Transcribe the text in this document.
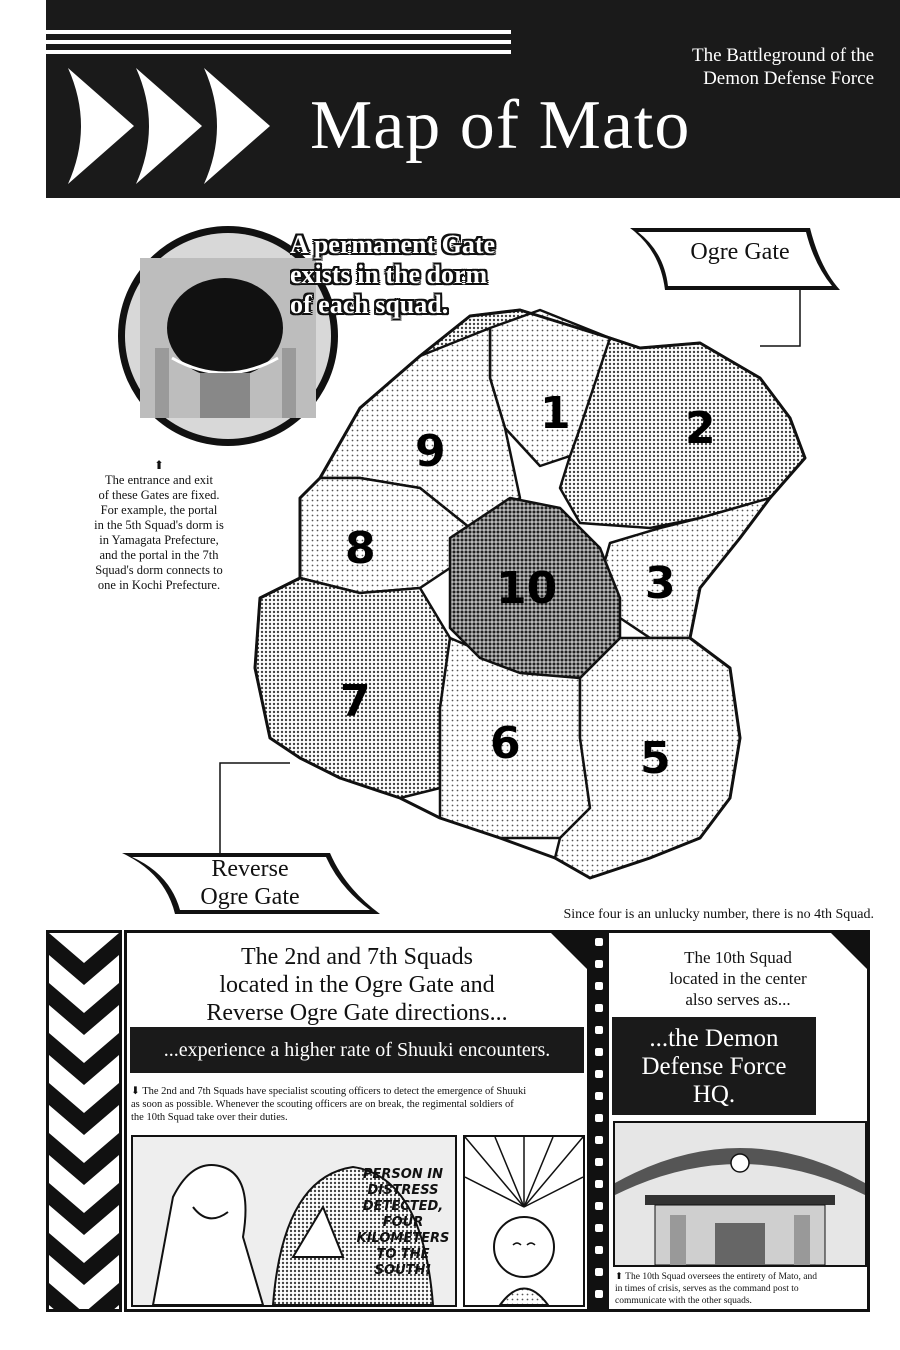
The Battleground of the
Demon Defense Force
Map of Mato
A permanent Gate
exists in the dorm
of each squad.
Ogre Gate
1	2
3
5
6
7
8
9
10
Reverse
Ogre Gate
⬆
The entrance and exit
of these Gates are fixed.
For example, the portal
in the 5th Squad's dorm is
in Yamagata Prefecture,
and the portal in the 7th
Squad's dorm connects to
one in Kochi Prefecture.
Since four is an unlucky number, there is no 4th Squad.
The 2nd and 7th Squads
located in the Ogre Gate and
Reverse Ogre Gate directions...
...experience a higher rate of Shuuki encounters.
⬇ The 2nd and 7th Squads have specialist scouting officers to detect the emergence of Shuuki
as soon as possible. Whenever the scouting officers are on break, the regimental soldiers of
the 10th Squad take over their duties.
PERSON IN
DISTRESS
DETECTED,
FOUR
KILOMETERS
TO THE
SOUTH!
The 10th Squad
located in the center
also serves as...
...the Demon
Defense Force
HQ.
⬆ The 10th Squad oversees the entirety of Mato, and
in times of crisis, serves as the command post to
communicate with the other squads.
